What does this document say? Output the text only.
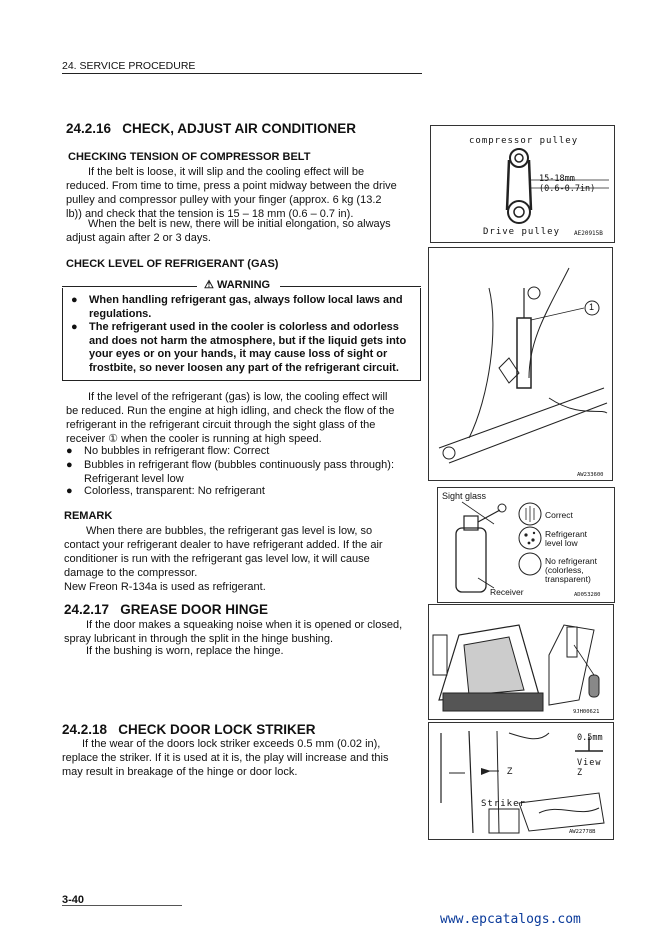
24. SERVICE PROCEDURE
24.2.16   CHECK, ADJUST AIR CONDITIONER
CHECKING TENSION OF COMPRESSOR BELT
If the belt is loose, it will slip and the cooling effect will be
reduced. From time to time, press a point midway between the drive
pulley and compressor pulley with your finger (approx. 6 kg (13.2
lb)) and check that the tension is 15 – 18 mm (0.6 – 0.7 in).
When the belt is new, there will be initial elongation, so always
adjust again after 2 or 3 days.
CHECK LEVEL OF REFRIGERANT (GAS)
⚠ WARNING
● When handling refrigerant gas, always follow local laws and
regulations.
● The refrigerant used in the cooler is colorless and odorless
and does not harm the atmosphere, but if the liquid gets into
your eyes or on your hands, it may cause loss of sight or
frostbite, so never loosen any part of the refrigerant circuit.
If the level of the refrigerant (gas) is low, the cooling effect will
be reduced. Run the engine at high idling, and check the flow of the
refrigerant in the refrigerant circuit through the sight glass of the
receiver ① when the cooler is running at high speed.
● No bubbles in refrigerant flow: Correct
● Bubbles in refrigerant flow (bubbles continuously pass through):
Refrigerant level low
● Colorless, transparent: No refrigerant
REMARK
When there are bubbles, the refrigerant gas level is low, so
contact your refrigerant dealer to have refrigerant added. If the air
conditioner is run with the refrigerant gas level low, it will cause
damage to the compressor.
New Freon R-134a is used as refrigerant.
24.2.17   GREASE DOOR HINGE
If the door makes a squeaking noise when it is opened or closed,
spray lubricant in through the split in the hinge bushing.
If the bushing is worn, replace the hinge.
24.2.18   CHECK DOOR LOCK STRIKER
If the wear of the doors lock striker exceeds 0.5 mm (0.02 in),
replace the striker. If it is used at it is, the play will increase and this
may result in breakage of the hinge or door lock.
compressor pulley
15-18mm
(0.6-0.7in)
Drive pulley AE20915B
1
AW233600
Sight glass
Correct
Refrigerant
level low
No refrigerant
(colorless,
transparent)
Receiver	AD053280
9JH00621
0.5mm
View Z
Z
Striker
AW22778B
3-40
www.epcatalogs.com
